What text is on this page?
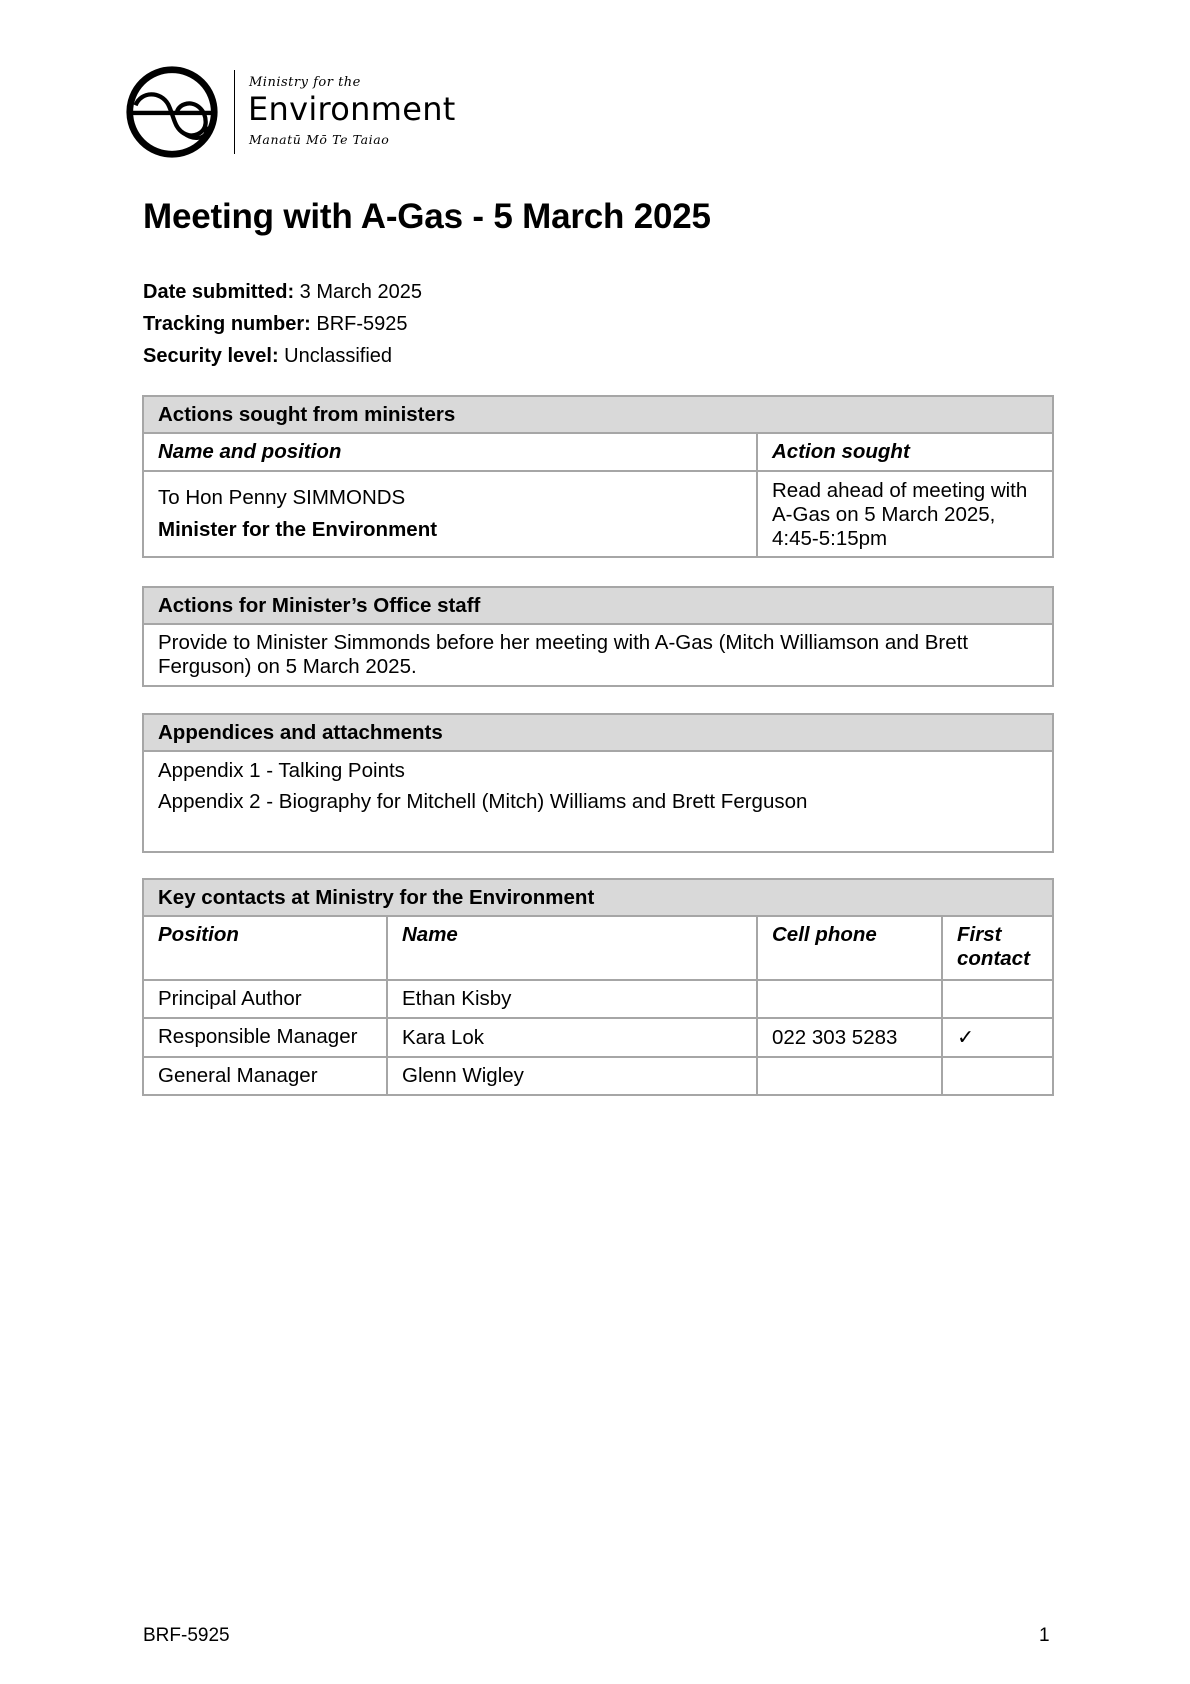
Ministry for the
Environment
Manatū Mō Te Taiao
Meeting with A-Gas - 5 March 2025
Date submitted: 3 March 2025
Tracking number: BRF-5925
Security level: Unclassified
Actions sought from ministers	
Name and position	Action sought

To Hon Penny SIMMONDS
Minister for the Environment	Read ahead of meeting with A-Gas on 5 March 2025, 4:45-5:15pm
Actions for Minister’s Office staff
Provide to Minister Simmonds before her meeting with A-Gas (Mitch Williamson and Brett Ferguson) on 5 March 2025.
Appendices and attachments

Appendix 1 - Talking Points
Appendix 2 - Biography for Mitchell (Mitch) Williams and Brett Ferguson
Key contacts at Ministry for the Environment			
Position	Name	Cell phone	First contact
Principal Author	Ethan Kisby		
Responsible Manager	Kara Lok	022 303 5283	✓
General Manager	Glenn Wigley		
BRF-5925	1
